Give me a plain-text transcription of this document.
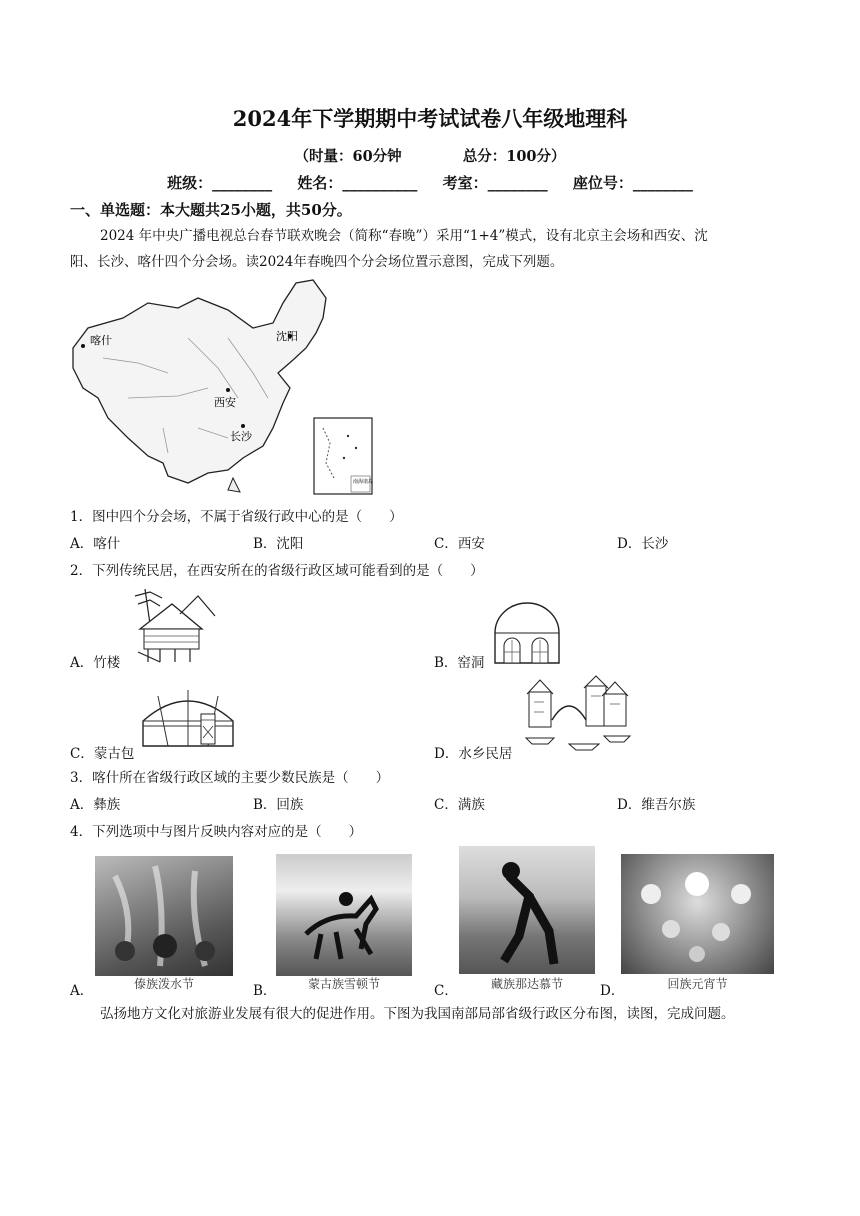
2024年下学期期中考试试卷八年级地理科
（时量：60分钟	总分：100分）
班级：________ 姓名：__________ 考室：________ 座位号：________
一、单选题：本大题共25小题，共50分。
2024 年中央广播电视总台春节联欢晚会（简称“春晚”）采用“1+4”模式，设有北京主会场和西安、沈
阳、长沙、喀什四个分会场。读2024年春晚四个分会场位置示意图，完成下列题。
南海诸岛
喀什	沈阳
西安
长沙
1．图中四个分会场，不属于省级行政中心的是（　　）
A．喀什	B．沈阳	C．西安	D．长沙
2．下列传统民居，在西安所在的省级行政区域可能看到的是（　　）
A．竹楼	B．窑洞
C．蒙古包	D．水乡民居
3．喀什所在省级行政区域的主要少数民族是（　　）
A．彝族	B．回族	C．满族	D．维吾尔族
4．下列选项中与图片反映内容对应的是（　　）
A．	傣族泼水节	B．	蒙古族雪顿节	C．	藏族那达慕节	D．	回族元宵节
弘扬地方文化对旅游业发展有很大的促进作用。下图为我国南部局部省级行政区分布图，读图，完成问题。
